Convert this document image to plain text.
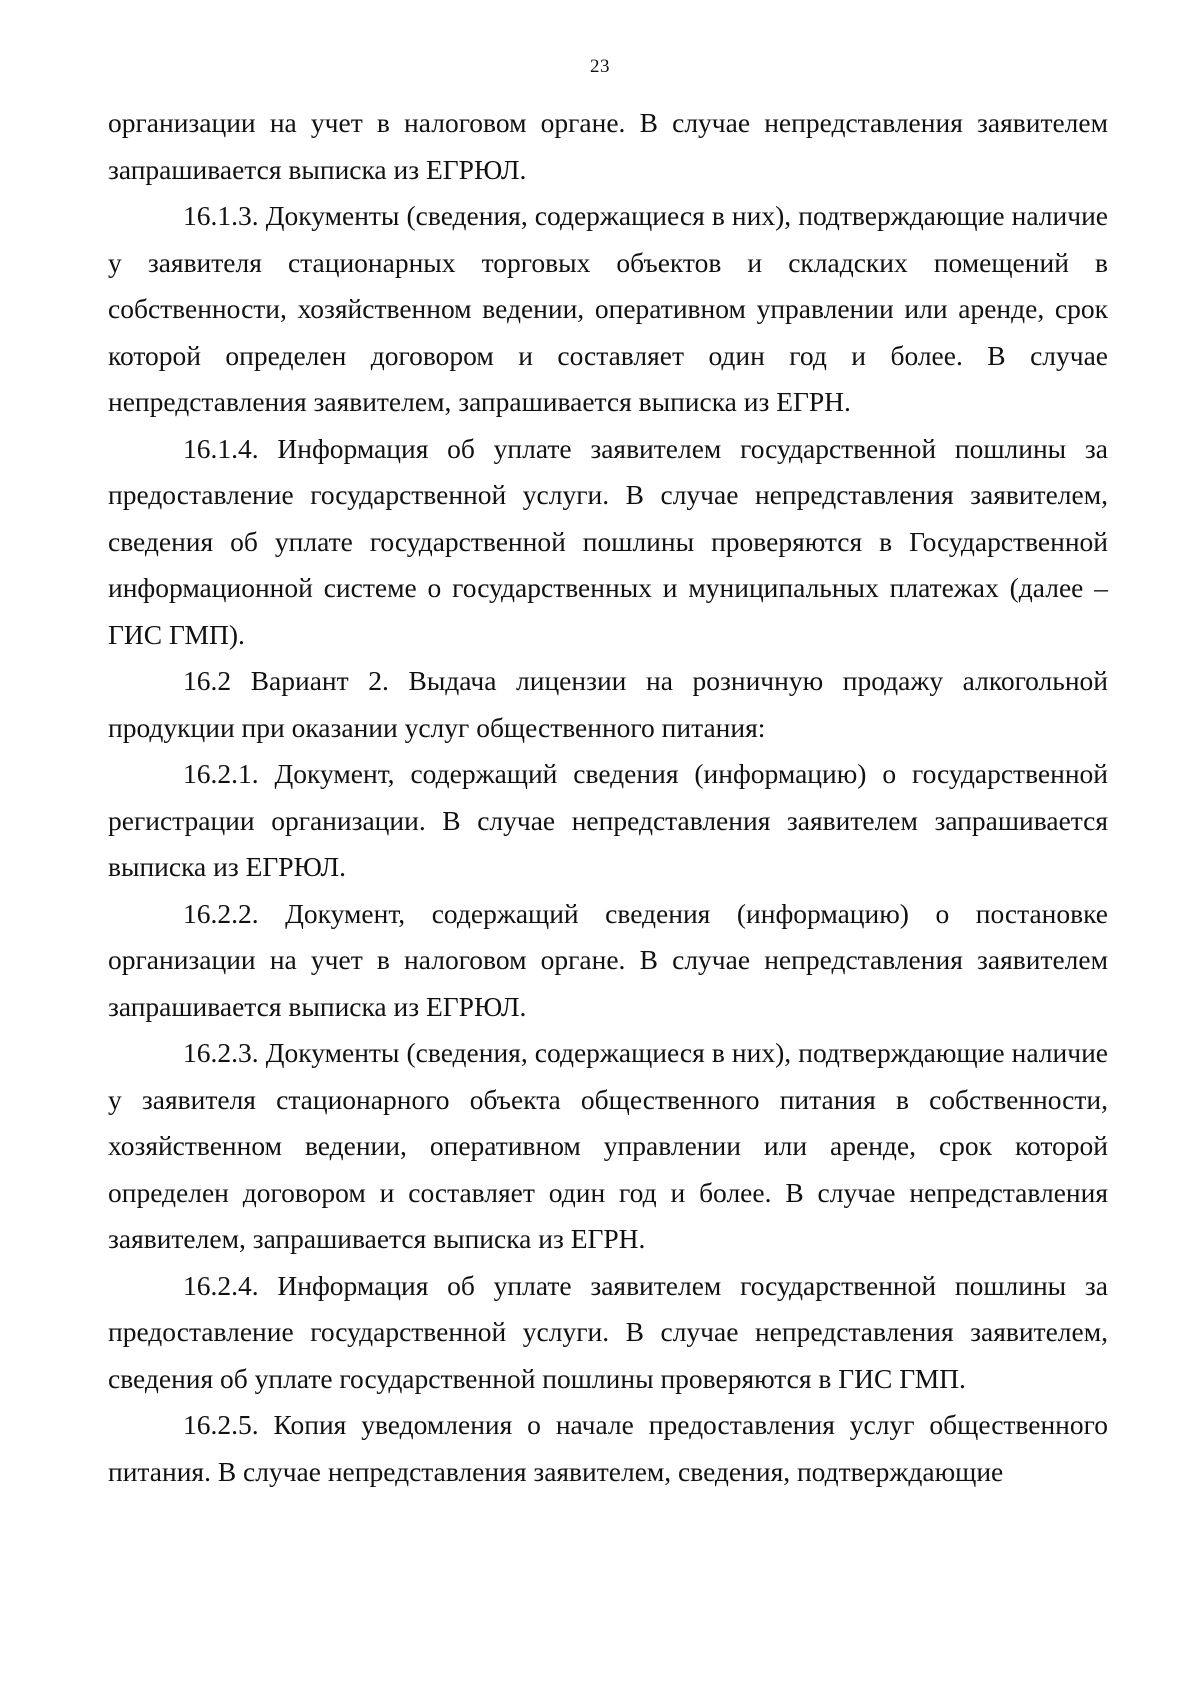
23

организации на учет в налоговом органе. В случае непредставления заявителем запрашивается выписка из ЕГРЮЛ.

16.1.3. Документы (сведения, содержащиеся в них), подтверждающие наличие у заявителя стационарных торговых объектов и складских помещений в собственности, хозяйственном ведении, оперативном управлении или аренде, срок которой определен договором и составляет один год и более. В случае непредставления заявителем, запрашивается выписка из ЕГРН.

16.1.4. Информация об уплате заявителем государственной пошлины за предоставление государственной услуги. В случае непредставления заявителем, сведения об уплате государственной пошлины проверяются в Государственной информационной системе о государственных и муниципальных платежах (далее – ГИС ГМП).

16.2 Вариант 2. Выдача лицензии на розничную продажу алкогольной продукции при оказании услуг общественного питания:

16.2.1. Документ, содержащий сведения (информацию) о государственной регистрации организации. В случае непредставления заявителем запрашивается выписка из ЕГРЮЛ.

16.2.2. Документ, содержащий сведения (информацию) о постановке организации на учет в налоговом органе. В случае непредставления заявителем запрашивается выписка из ЕГРЮЛ.

16.2.3. Документы (сведения, содержащиеся в них), подтверждающие наличие у заявителя стационарного объекта общественного питания в собственности, хозяйственном ведении, оперативном управлении или аренде, срок которой определен договором и составляет один год и более. В случае непредставления заявителем, запрашивается выписка из ЕГРН.

16.2.4. Информация об уплате заявителем государственной пошлины за предоставление государственной услуги. В случае непредставления заявителем, сведения об уплате государственной пошлины проверяются в ГИС ГМП.

16.2.5. Копия уведомления о начале предоставления услуг общественного питания. В случае непредставления заявителем, сведения, подтверждающие
